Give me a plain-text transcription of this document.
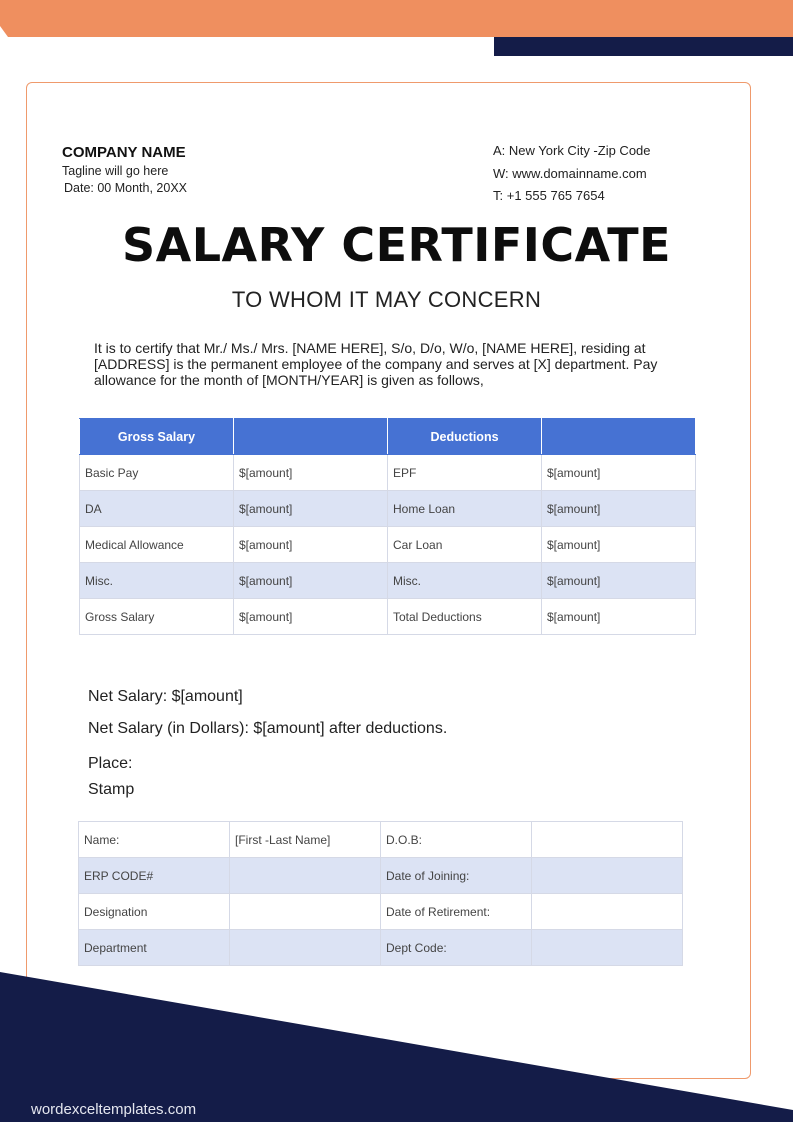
COMPANY NAME
Tagline will go here
Date: 00 Month, 20XX
A: New York City -Zip Code
W: www.domainname.com
T: +1 555 765 7654
SALARY CERTIFICATE
TO WHOM IT MAY CONCERN
It is to certify that Mr./ Ms./ Mrs. [NAME HERE], S/o, D/o, W/o, [NAME HERE], residing at [ADDRESS] is the permanent employee of the company and serves at [X] department. Pay allowance for the month of [MONTH/YEAR] is given as follows,
Gross Salary		Deductions	
Basic Pay	$[amount]	EPF	$[amount]
DA	$[amount]	Home Loan	$[amount]
Medical Allowance	$[amount]	Car Loan	$[amount]
Misc.	$[amount]	Misc.	$[amount]
Gross Salary	$[amount]	Total Deductions	$[amount]
Net Salary: $[amount]
Net Salary (in Dollars): $[amount] after deductions.
Place:
Stamp
Name:	[First -Last Name]	D.O.B:	
ERP CODE#		Date of Joining:	
Designation		Date of Retirement:	
Department		Dept Code:	
wordexceltemplates.com
